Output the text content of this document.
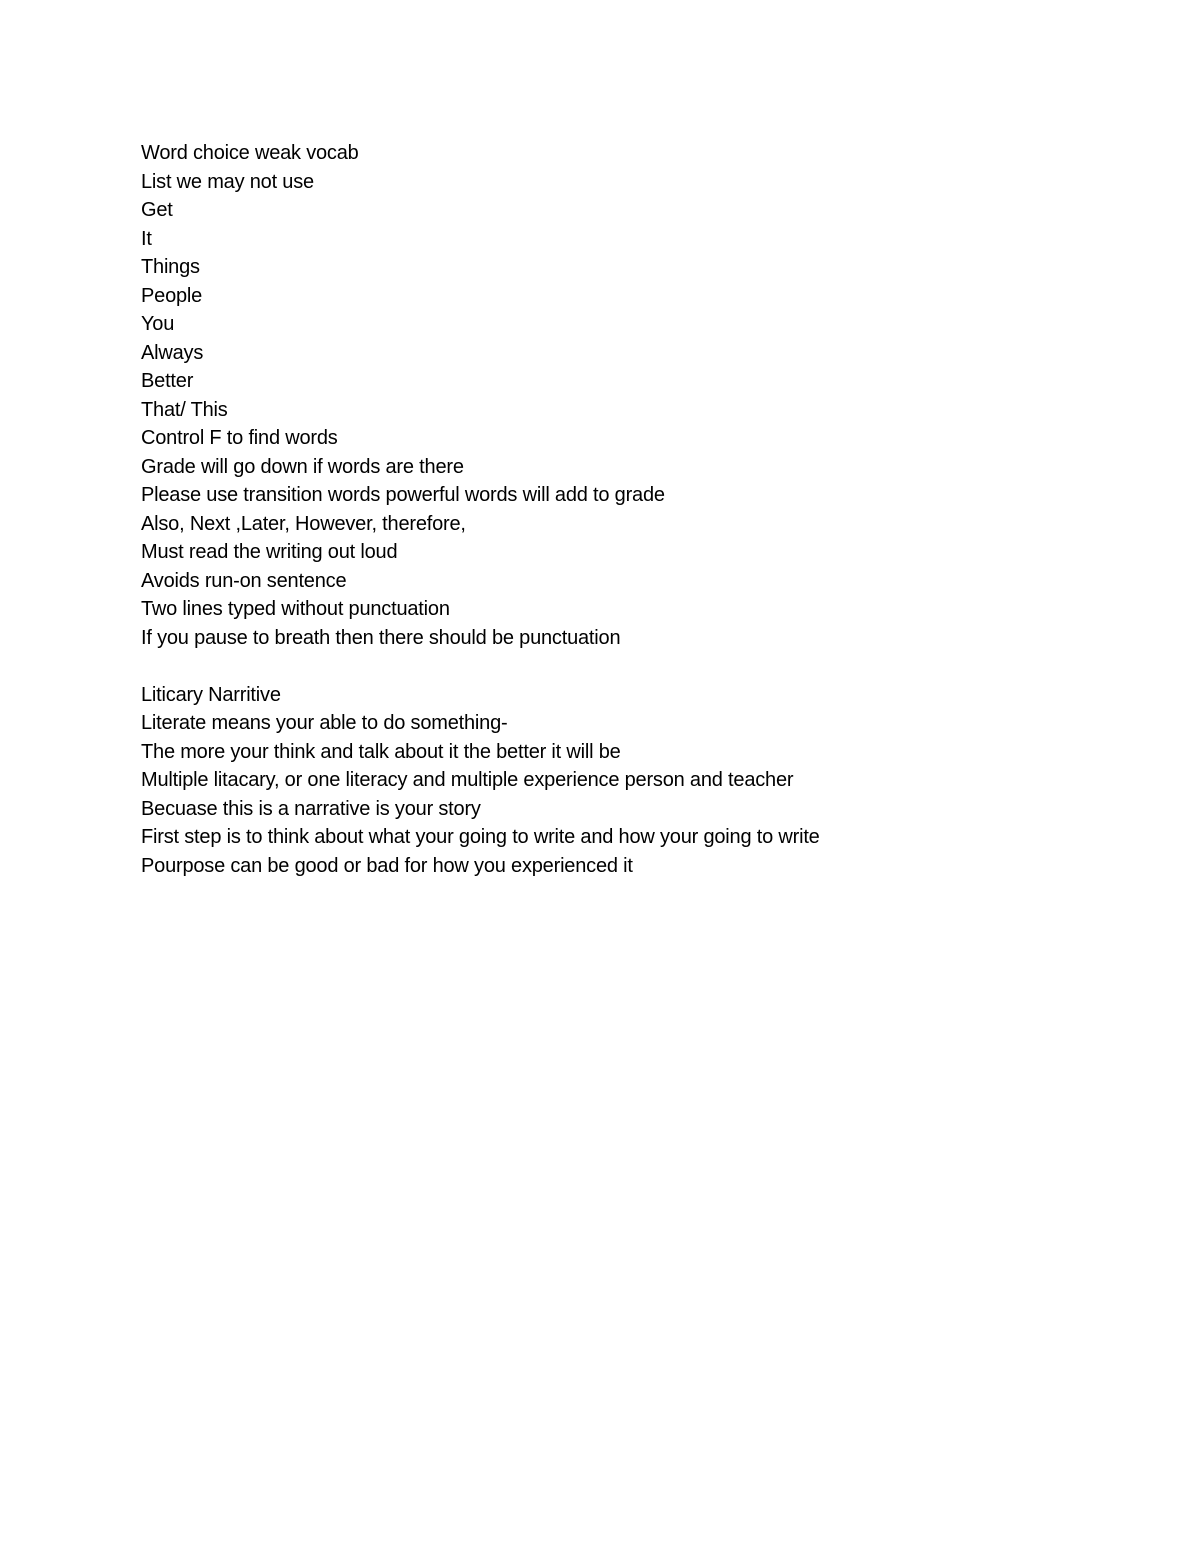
Word choice weak vocab
List we may not use
Get
It
Things
People
You
Always
Better
That/ This
Control F to find words
Grade will go down if words are there
Please use transition words powerful words will add to grade
Also, Next ,Later, However, therefore,
Must read the writing out loud
Avoids run-on sentence
Two lines typed without punctuation
If you pause to breath then there should be punctuation
Liticary Narritive
Literate means your able to do something-
The more your think and talk about it the better it will be
Multiple litacary, or one literacy and multiple experience person and teacher
Becuase this is a narrative is your story
First step is to think about what your going to write and how your going to write
Pourpose can be good or bad for how you experienced it
